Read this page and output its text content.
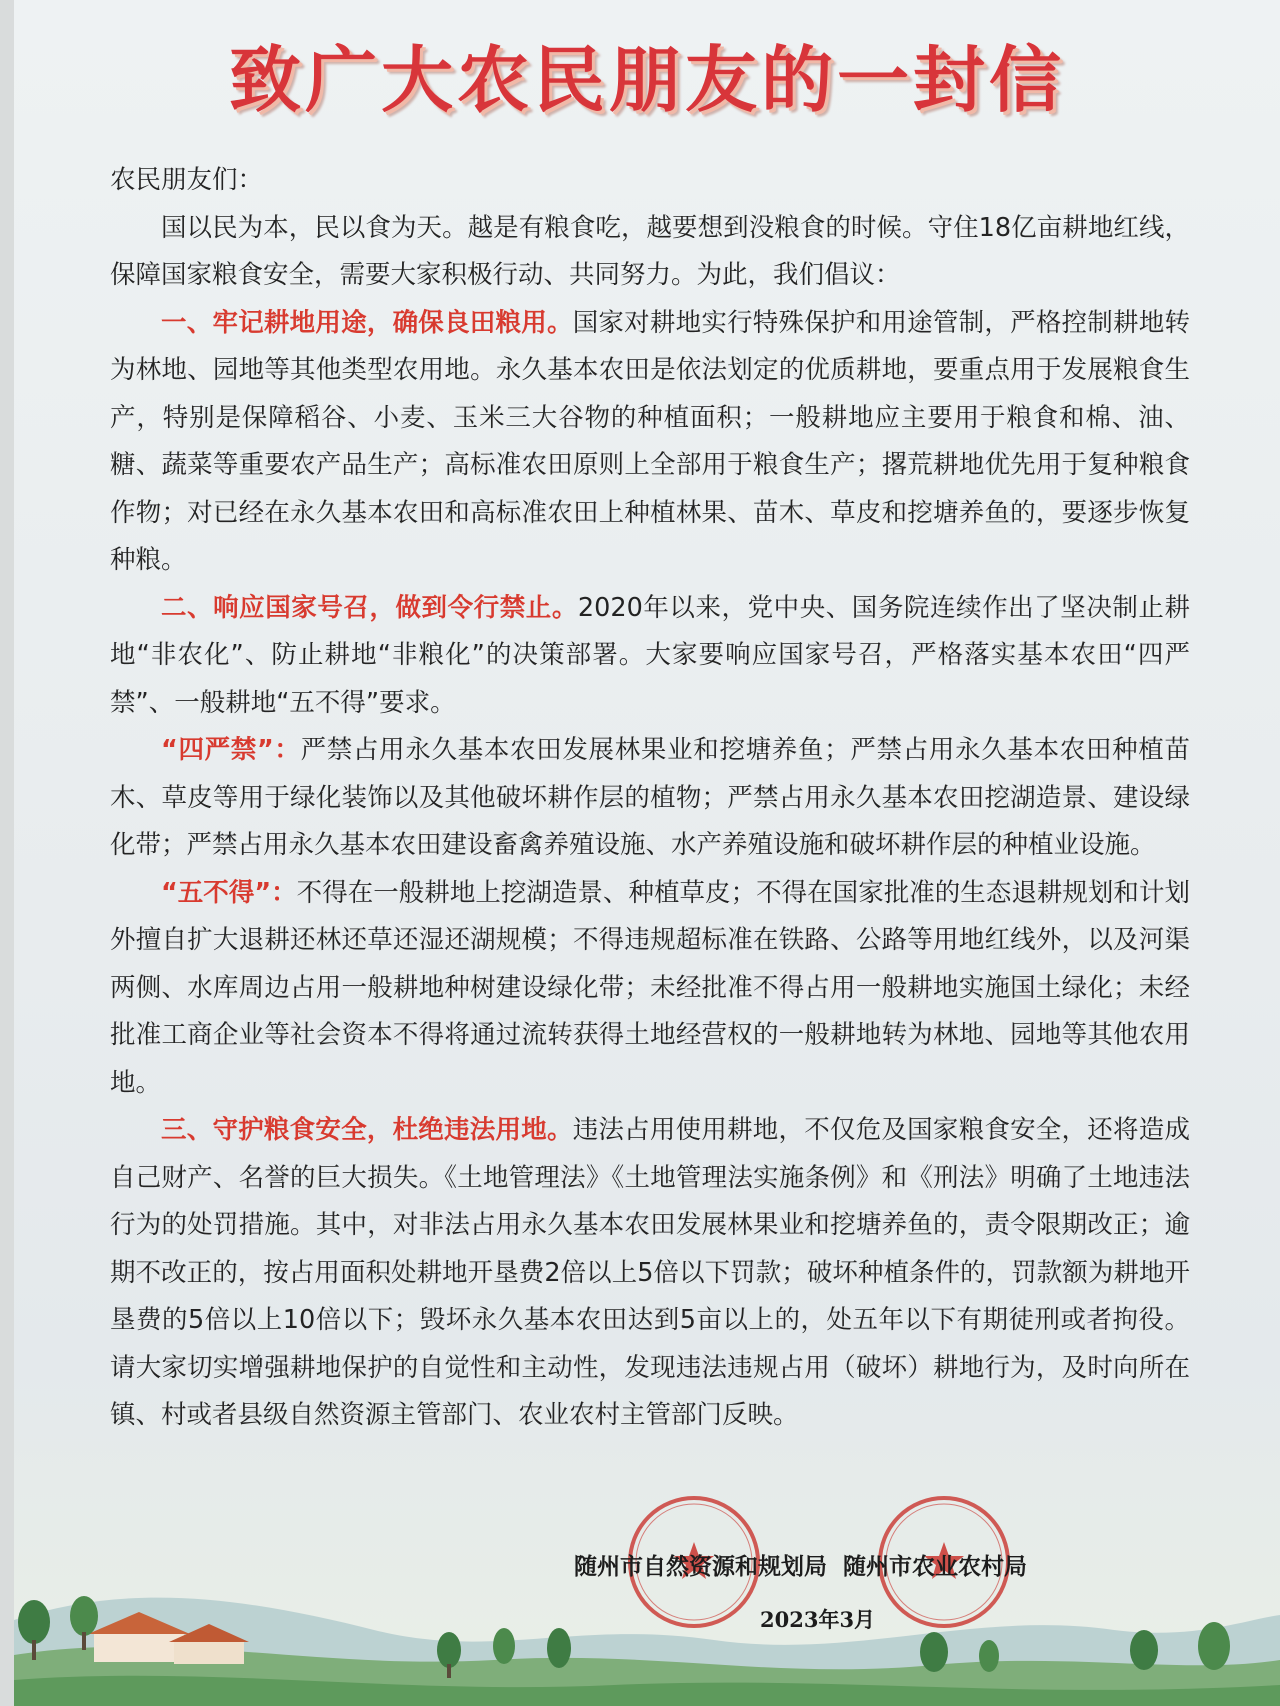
致广大农民朋友的一封信

农民朋友们：

国以民为本，民以食为天。越是有粮食吃，越要想到没粮食的时候。守住18亿亩耕地红线，保障国家粮食安全，需要大家积极行动、共同努力。为此，我们倡议：

一、牢记耕地用途，确保良田粮用。国家对耕地实行特殊保护和用途管制，严格控制耕地转为林地、园地等其他类型农用地。永久基本农田是依法划定的优质耕地，要重点用于发展粮食生产，特别是保障稻谷、小麦、玉米三大谷物的种植面积；一般耕地应主要用于粮食和棉、油、糖、蔬菜等重要农产品生产；高标准农田原则上全部用于粮食生产；撂荒耕地优先用于复种粮食作物；对已经在永久基本农田和高标准农田上种植林果、苗木、草皮和挖塘养鱼的，要逐步恢复种粮。

二、响应国家号召，做到令行禁止。2020年以来，党中央、国务院连续作出了坚决制止耕地“非农化”、防止耕地“非粮化”的决策部署。大家要响应国家号召，严格落实基本农田“四严禁”、一般耕地“五不得”要求。

“四严禁”：严禁占用永久基本农田发展林果业和挖塘养鱼；严禁占用永久基本农田种植苗木、草皮等用于绿化装饰以及其他破坏耕作层的植物；严禁占用永久基本农田挖湖造景、建设绿化带；严禁占用永久基本农田建设畜禽养殖设施、水产养殖设施和破坏耕作层的种植业设施。

“五不得”：不得在一般耕地上挖湖造景、种植草皮；不得在国家批准的生态退耕规划和计划外擅自扩大退耕还林还草还湿还湖规模；不得违规超标准在铁路、公路等用地红线外，以及河渠两侧、水库周边占用一般耕地种树建设绿化带；未经批准不得占用一般耕地实施国土绿化；未经批准工商企业等社会资本不得将通过流转获得土地经营权的一般耕地转为林地、园地等其他农用地。

三、守护粮食安全，杜绝违法用地。违法占用使用耕地，不仅危及国家粮食安全，还将造成自己财产、名誉的巨大损失。《土地管理法》《土地管理法实施条例》和《刑法》明确了土地违法行为的处罚措施。其中，对非法占用永久基本农田发展林果业和挖塘养鱼的，责令限期改正；逾期不改正的，按占用面积处耕地开垦费2倍以上5倍以下罚款；破坏种植条件的，罚款额为耕地开垦费的5倍以上10倍以下；毁坏永久基本农田达到5亩以上的，处五年以下有期徒刑或者拘役。请大家切实增强耕地保护的自觉性和主动性，发现违法违规占用（破坏）耕地行为，及时向所在镇、村或者县级自然资源主管部门、农业农村主管部门反映。

随州市自然资源和规划局 随州市农业农村局
2023年3月
